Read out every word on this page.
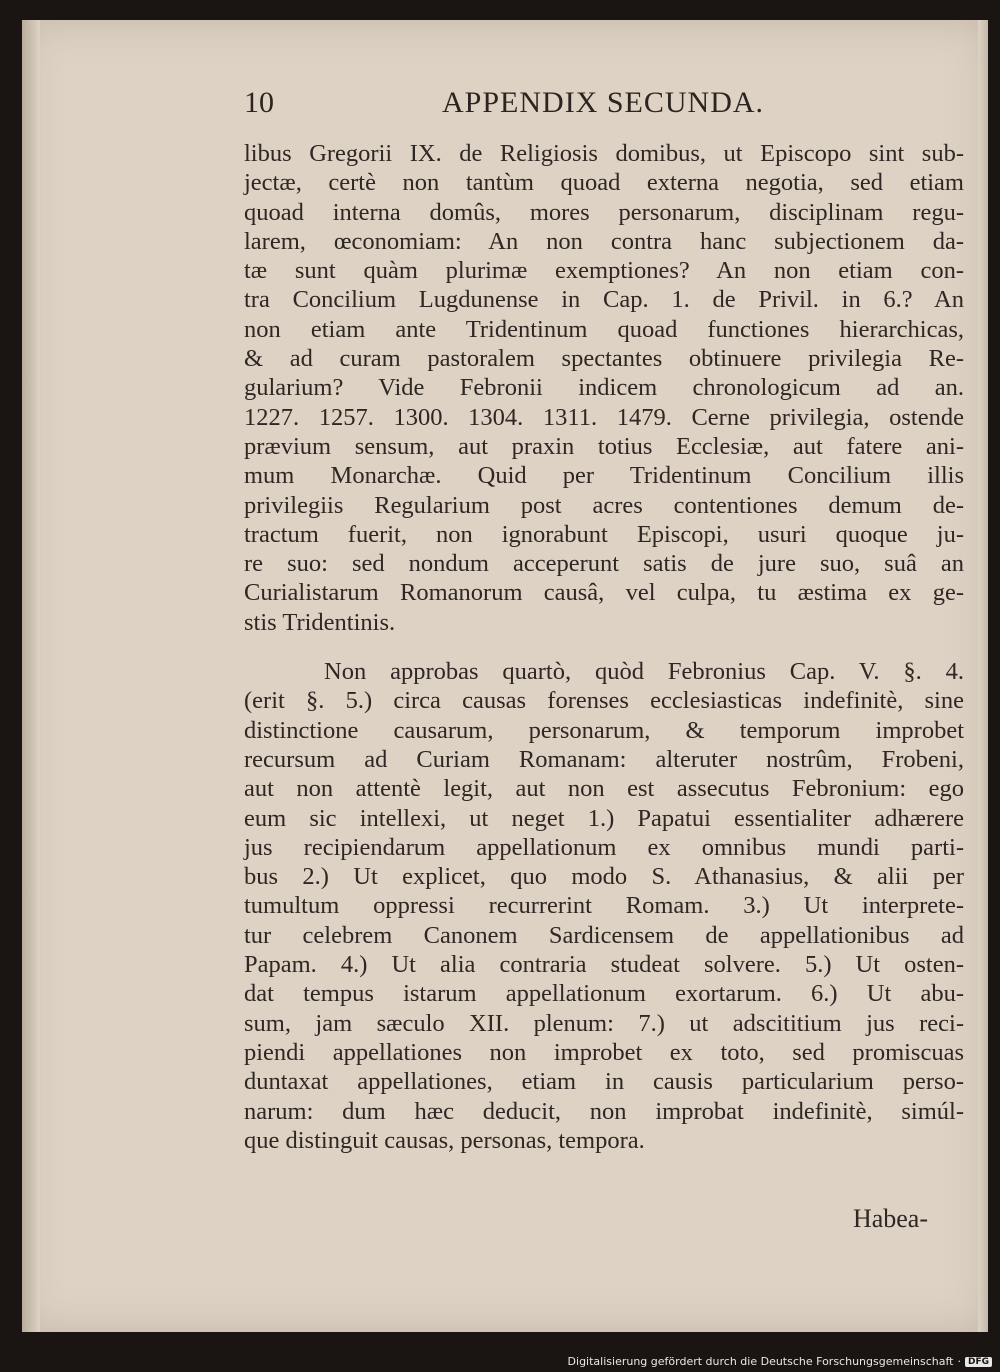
10	APPENDIX SECUNDA.
libus Gregorii IX. de Religiosis domibus, ut Episcopo sint sub-
jectæ, certè non tantùm quoad externa negotia, sed etiam
quoad interna domûs, mores personarum, disciplinam regu-
larem, œconomiam: An non contra hanc subjectionem da-
tæ sunt quàm plurimæ exemptiones? An non etiam con-
tra Concilium Lugdunense in Cap. 1. de Privil. in 6.? An
non etiam ante Tridentinum quoad functiones hierarchicas,
& ad curam pastoralem spectantes obtinuere privilegia Re-
gularium? Vide Febronii indicem chronologicum ad an.
1227. 1257. 1300. 1304. 1311. 1479. Cerne privilegia, ostende
prævium sensum, aut praxin totius Ecclesiæ, aut fatere ani-
mum Monarchæ. Quid per Tridentinum Concilium illis
privilegiis Regularium post acres contentiones demum de-
tractum fuerit, non ignorabunt Episcopi, usuri quoque ju-
re suo: sed nondum acceperunt satis de jure suo, suâ an
Curialistarum Romanorum causâ, vel culpa, tu æstima ex ge-
stis Tridentinis.
Non approbas quartò, quòd Febronius Cap. V. §. 4.
(erit §. 5.) circa causas forenses ecclesiasticas indefinitè, sine
distinctione causarum, personarum, & temporum improbet
recursum ad Curiam Romanam: alteruter nostrûm, Frobeni,
aut non attentè legit, aut non est assecutus Febronium: ego
eum sic intellexi, ut neget 1.) Papatui essentialiter adhærere
jus recipiendarum appellationum ex omnibus mundi parti-
bus 2.) Ut explicet, quo modo S. Athanasius, & alii per
tumultum oppressi recurrerint Romam. 3.) Ut interprete-
tur celebrem Canonem Sardicensem de appellationibus ad
Papam. 4.) Ut alia contraria studeat solvere. 5.) Ut osten-
dat tempus istarum appellationum exortarum. 6.) Ut abu-
sum, jam sæculo XII. plenum: 7.) ut adscititium jus reci-
piendi appellationes non improbet ex toto, sed promiscuas
duntaxat appellationes, etiam in causis particularium perso-
narum: dum hæc deducit, non improbat indefinitè, simúl-
que distinguit causas, personas, tempora.
Habea-
Digitalisierung gefördert durch die Deutsche Forschungsgemeinschaft · DFG
